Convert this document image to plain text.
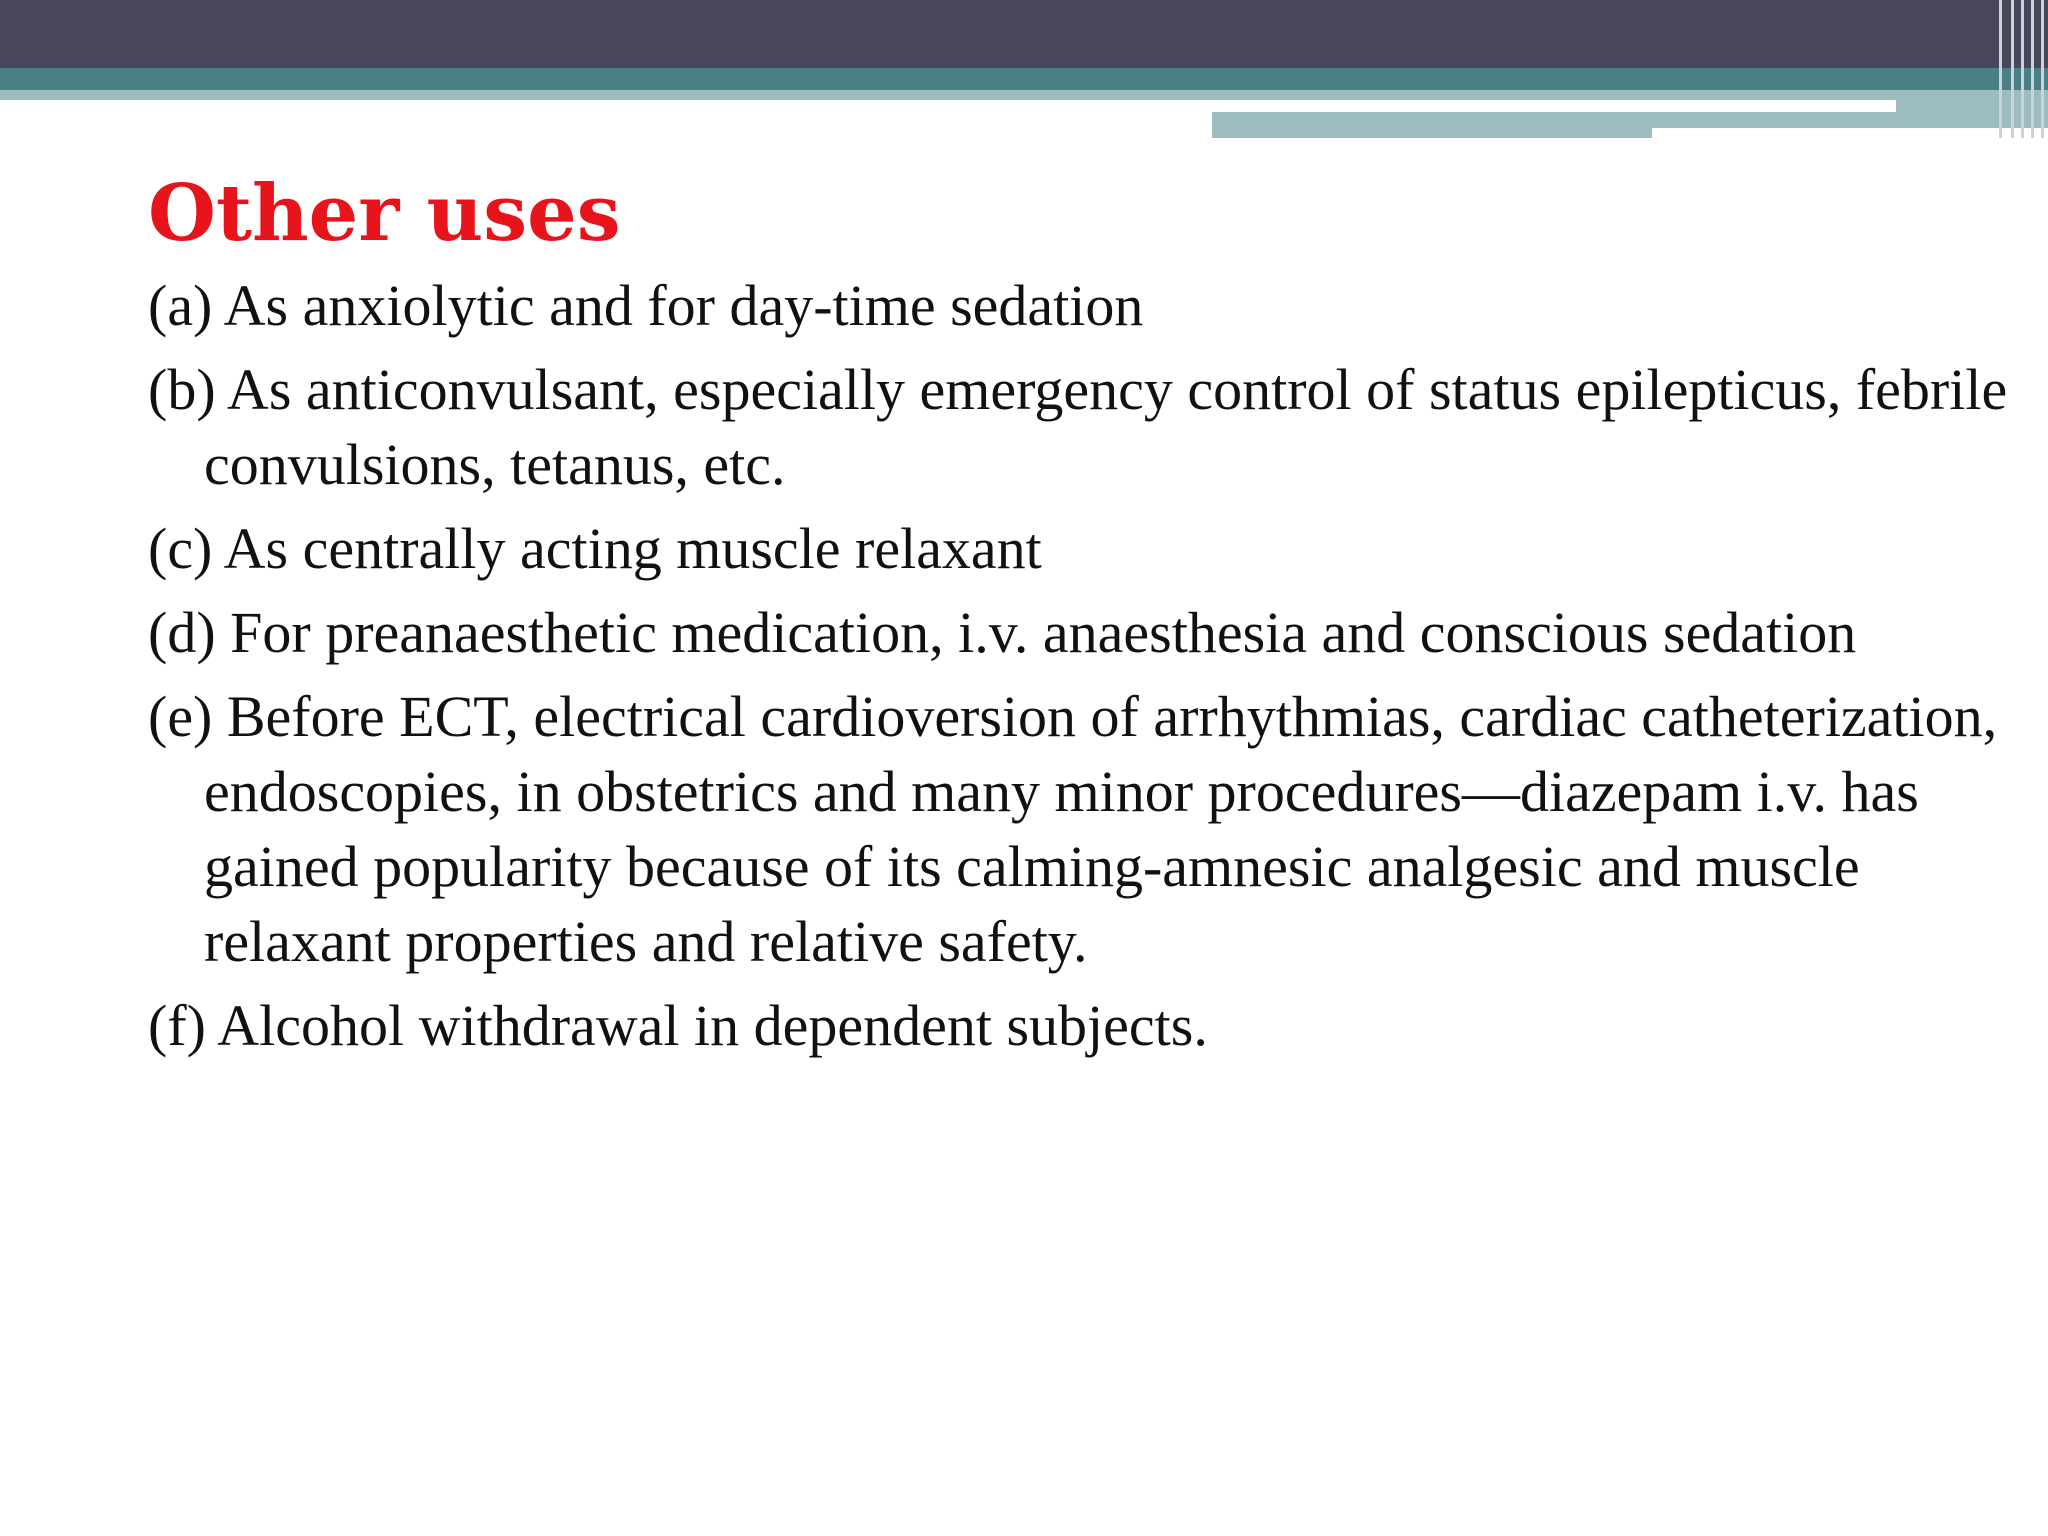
Other uses
(a) As anxiolytic and for day-time sedation
(b) As anticonvulsant, especially emergency control of status epilepticus, febrile convulsions, tetanus, etc.
(c) As centrally acting muscle relaxant
(d) For preanaesthetic medication, i.v. anaesthesia and conscious sedation
(e) Before ECT, electrical cardioversion of arrhythmias, cardiac catheterization, endoscopies, in obstetrics and many minor procedures—diazepam i.v. has gained popularity because of its calming-amnesic analgesic and muscle relaxant properties and relative safety.
(f) Alcohol withdrawal in dependent subjects.
